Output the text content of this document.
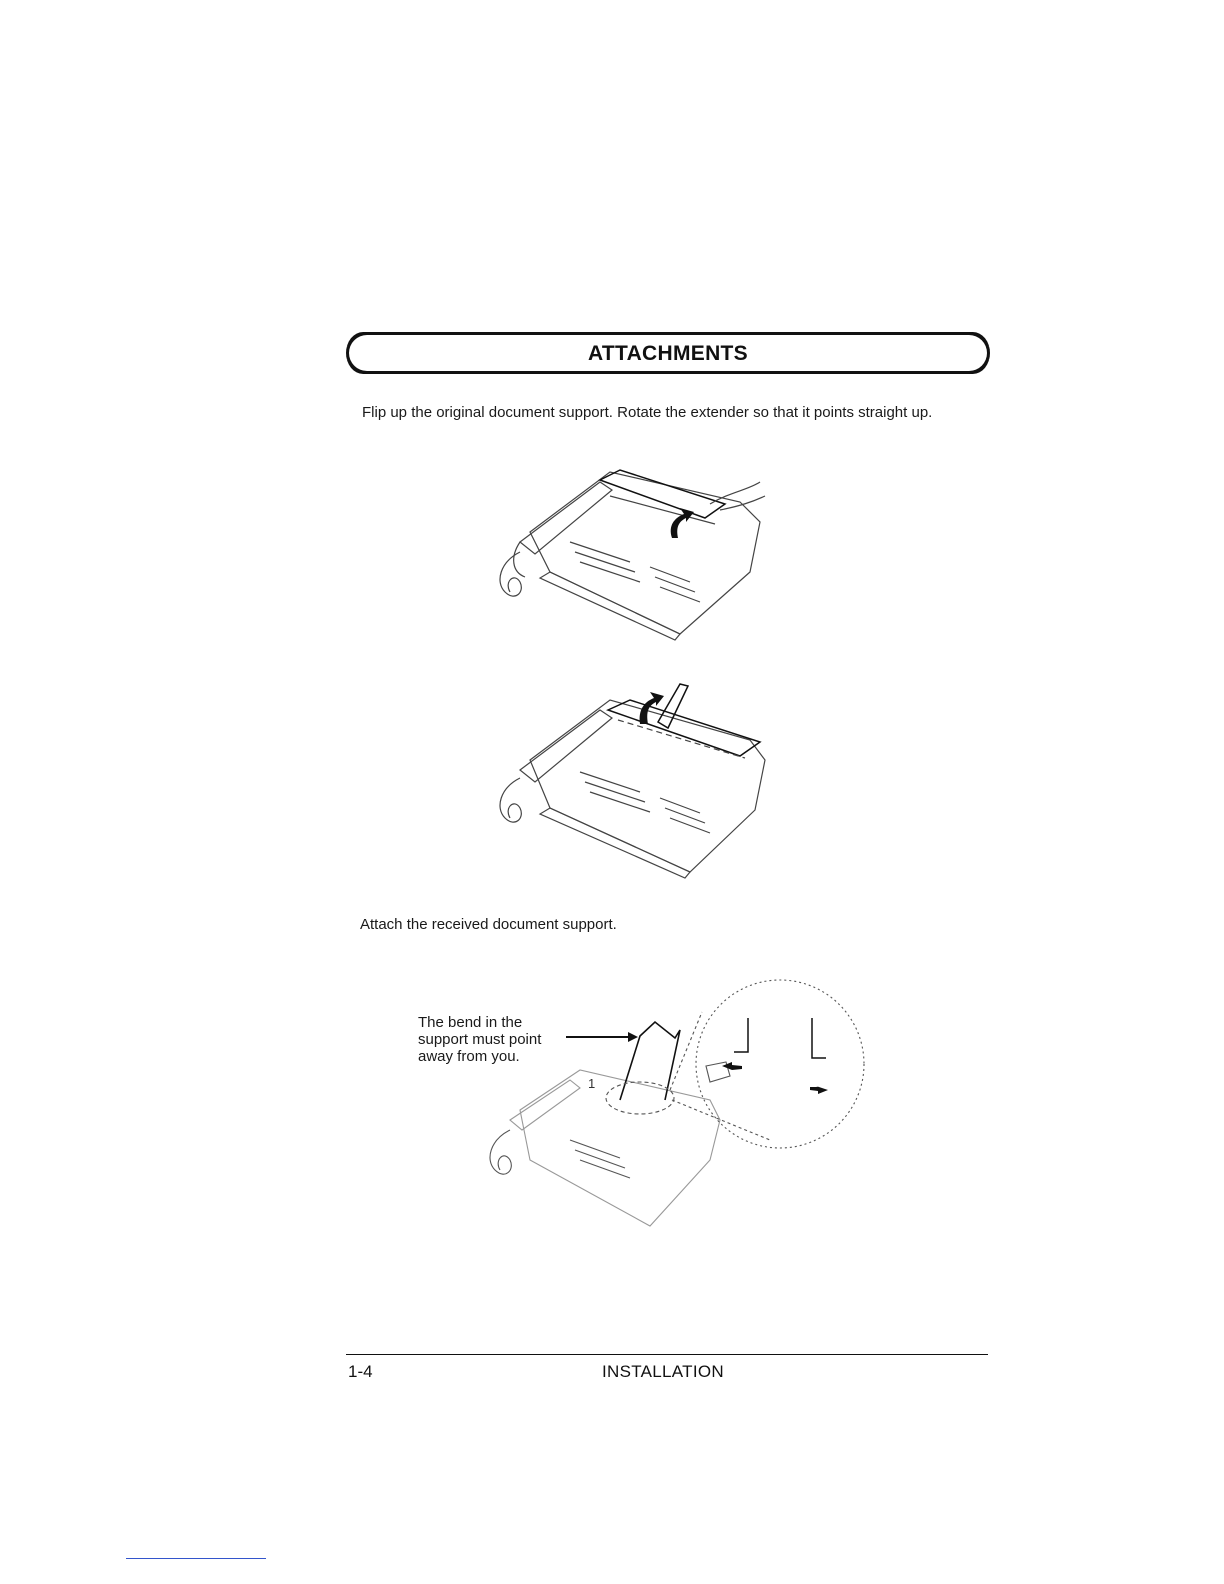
ATTACHMENTS
Flip up the original document support. Rotate the extender so that it points straight up.
Attach the received document support.
The bend in the
support must point
away from you.
1
1-4	INSTALLATION
